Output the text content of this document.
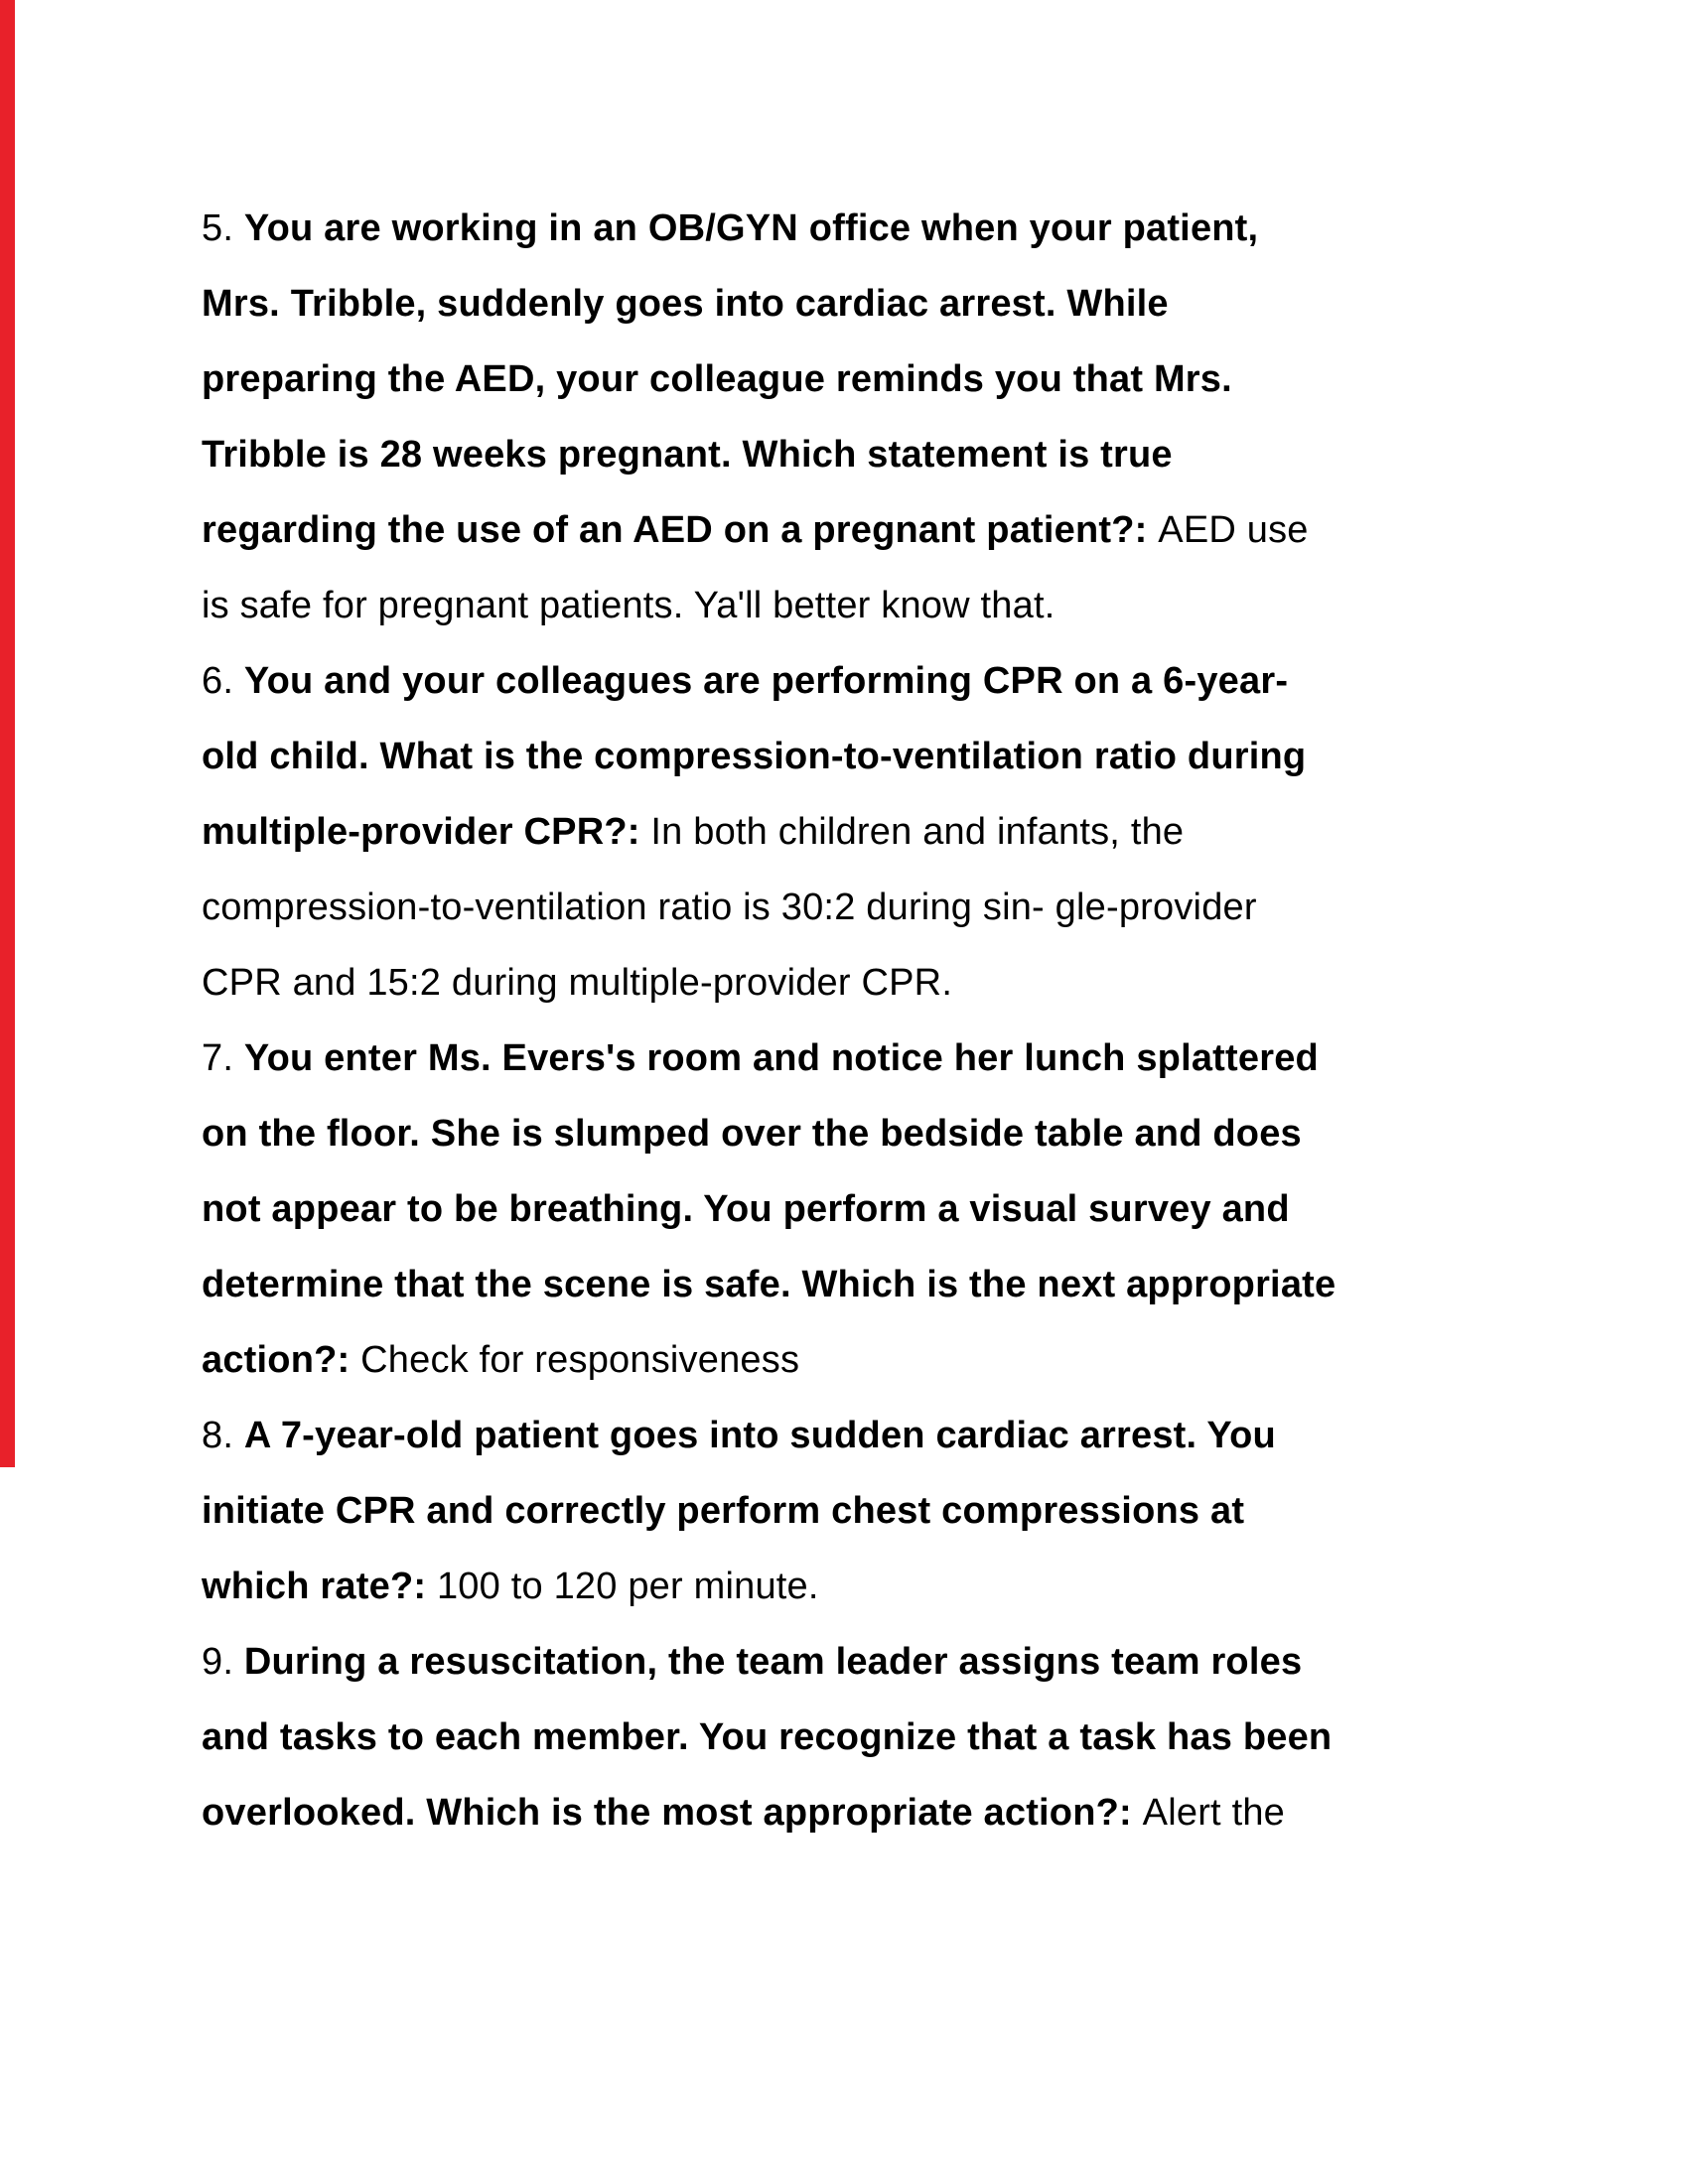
5. You are working in an OB/GYN office when your patient,
Mrs. Tribble, suddenly goes into cardiac arrest. While
preparing the AED, your colleague reminds you that Mrs.
Tribble is 28 weeks pregnant. Which statement is true
regarding the use of an AED on a pregnant patient?: AED use
is safe for pregnant patients. Ya'll better know that.
6. You and your colleagues are performing CPR on a 6-year-
old child. What is the compression-to-ventilation ratio during
multiple-provider CPR?: In both children and infants, the
compression-to-ventilation ratio is 30:2 during sin- gle-provider
CPR and 15:2 during multiple-provider CPR.
7. You enter Ms. Evers's room and notice her lunch splattered
on the floor. She is slumped over the bedside table and does
not appear to be breathing. You perform a visual survey and
determine that the scene is safe. Which is the next appropriate
action?: Check for responsiveness
8. A 7-year-old patient goes into sudden cardiac arrest. You
initiate CPR and correctly perform chest compressions at
which rate?: 100 to 120 per minute.
9. During a resuscitation, the team leader assigns team roles
and tasks to each member. You recognize that a task has been
overlooked. Which is the most appropriate action?: Alert the
